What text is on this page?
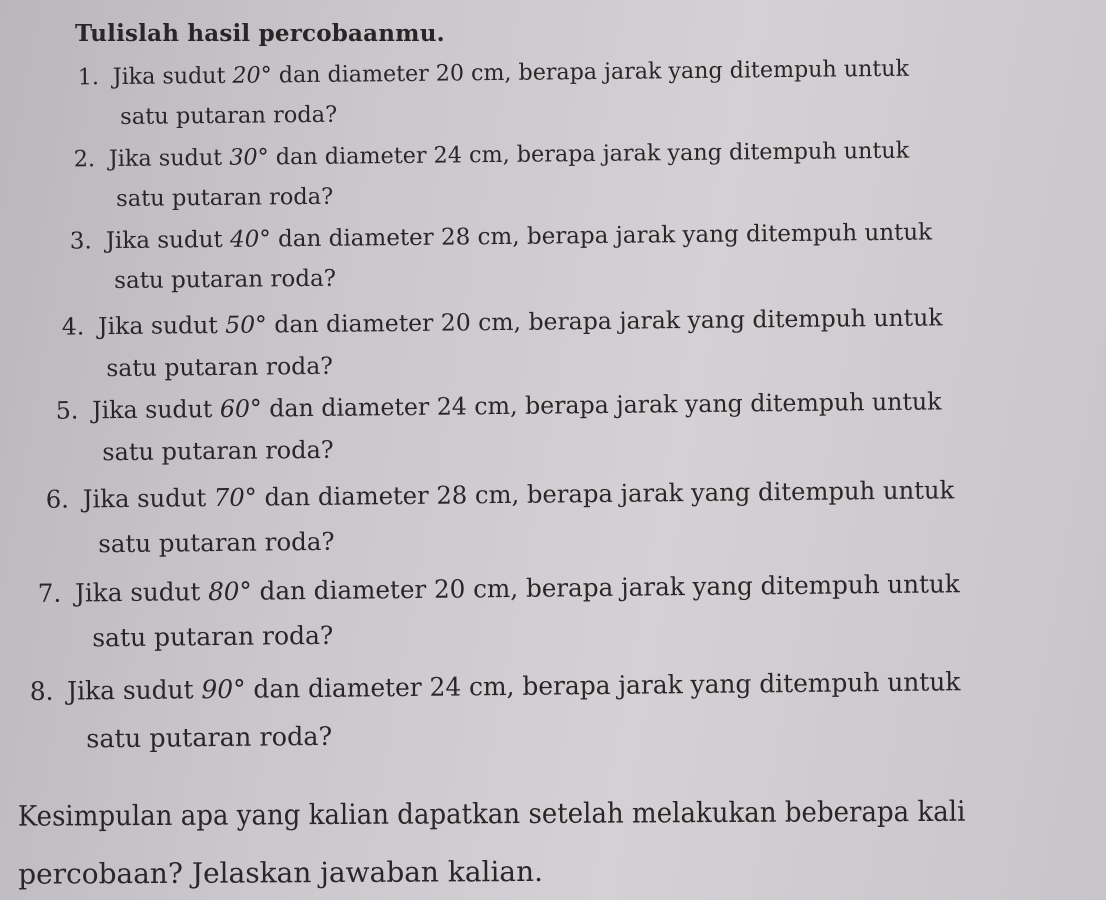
Tulislah hasil percobaanmu.
1. Jika sudut 20° dan diameter 20 cm, berapa jarak yang ditempuh untuk
satu putaran roda?
2. Jika sudut 30° dan diameter 24 cm, berapa jarak yang ditempuh untuk
satu putaran roda?
3. Jika sudut 40° dan diameter 28 cm, berapa jarak yang ditempuh untuk
satu putaran roda?
4. Jika sudut 50° dan diameter 20 cm, berapa jarak yang ditempuh untuk
satu putaran roda?
5. Jika sudut 60° dan diameter 24 cm, berapa jarak yang ditempuh untuk
satu putaran roda?
6. Jika sudut 70° dan diameter 28 cm, berapa jarak yang ditempuh untuk
satu putaran roda?
7. Jika sudut 80° dan diameter 20 cm, berapa jarak yang ditempuh untuk
satu putaran roda?
8. Jika sudut 90° dan diameter 24 cm, berapa jarak yang ditempuh untuk
satu putaran roda?
Kesimpulan apa yang kalian dapatkan setelah melakukan beberapa kali
percobaan? Jelaskan jawaban kalian.
